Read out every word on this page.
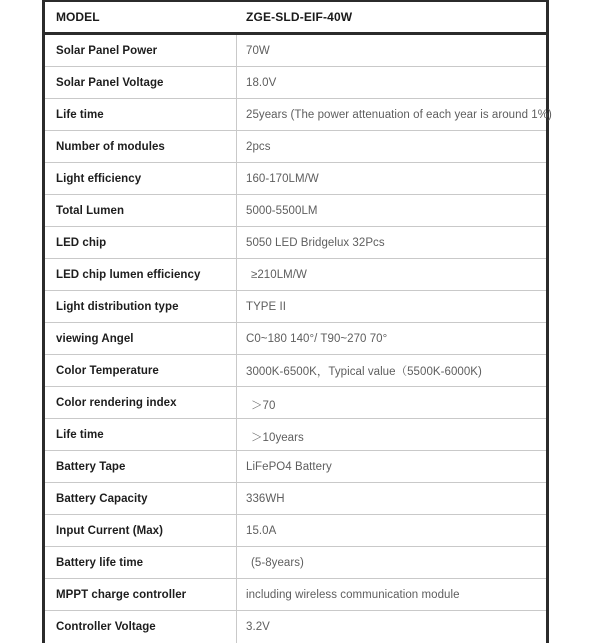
MODEL	ZGE-SLD-EIF-40W
Solar Panel Power	70W
Solar Panel Voltage	18.0V
Life time	25years (The power attenuation of each year is around 1%)
Number of modules	2pcs
Light efficiency	160-170LM/W
Total Lumen	5000-5500LM
LED chip	5050 LED Bridgelux 32Pcs
LED chip lumen efficiency	≥210LM/W
Light distribution type	TYPE II
viewing Angel	C0~180 140°/ T90~270 70°
Color Temperature	3000K-6500K，Typical value（5500K-6000K)
Color rendering index	＞70
Life time	＞10years
Battery Tape	LiFePO4 Battery
Battery Capacity	336WH
Input Current (Max)	15.0A
Battery life time	(5-8years)
MPPT charge controller	including wireless communication module
Controller Voltage	3.2V
